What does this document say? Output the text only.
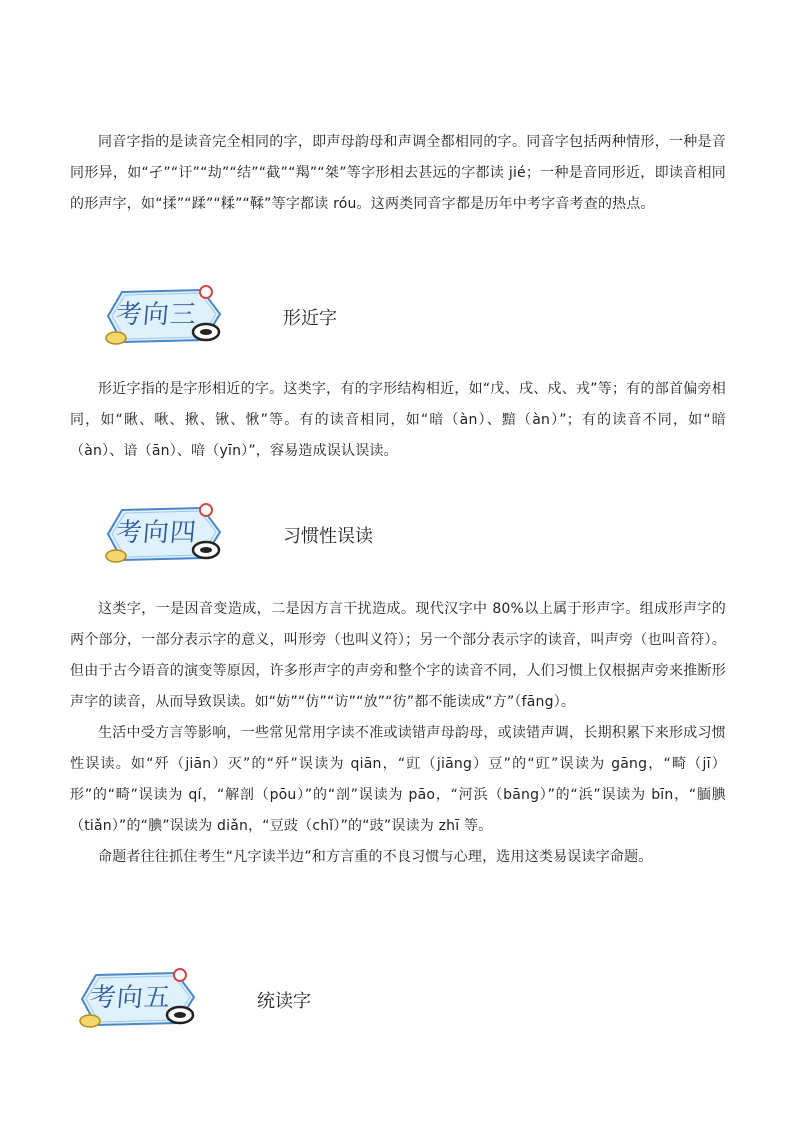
同音字指的是读音完全相同的字，即声母韵母和声调全都相同的字。同音字包括两种情形，一种是音同形异，如“孑”“讦”“劫”“结”“截”“羯”“桀”等字形相去甚远的字都读 jié；一种是音同形近，即读音相同的形声字，如“揉”“蹂”“糅”“鞣”等字都读 róu。这两类同音字都是历年中考字音考查的热点。

考向三	形近字

形近字指的是字形相近的字。这类字，有的字形结构相近，如“戊、戌、戍、戎”等；有的部首偏旁相同，如“瞅、啾、揪、锹、愀”等。有的读音相同，如“暗（àn）、黯（àn）”；有的读音不同，如“暗（àn）、谙（ān）、喑（yīn）”，容易造成误认误读。

考向四	习惯性误读

这类字，一是因音变造成，二是因方言干扰造成。现代汉字中 80%以上属于形声字。组成形声字的两个部分，一部分表示字的意义，叫形旁（也叫义符）；另一个部分表示字的读音，叫声旁（也叫音符）。但由于古今语音的演变等原因，许多形声字的声旁和整个字的读音不同，人们习惯上仅根据声旁来推断形声字的读音，从而导致误读。如“妨”“仿”“访”“放”“彷”都不能读成“方”（fāng）。

生活中受方言等影响，一些常见常用字读不准或读错声母韵母，或读错声调，长期积累下来形成习惯性误读。如“歼（jiān）灭”的“歼”误读为 qiān，“豇（jiāng）豆”的“豇”误读为 gāng，“畸（jī）形”的“畸”误读为 qí，“解剖（pōu）”的“剖”误读为 pāo，“河浜（bāng）”的“浜”误读为 bīn，“腼腆（tiǎn）”的“腆”误读为 diǎn，“豆豉（chǐ）”的“豉”误读为 zhī 等。

命题者往往抓住考生“凡字读半边”和方言重的不良习惯与心理，选用这类易误读字命题。

考向五	统读字
